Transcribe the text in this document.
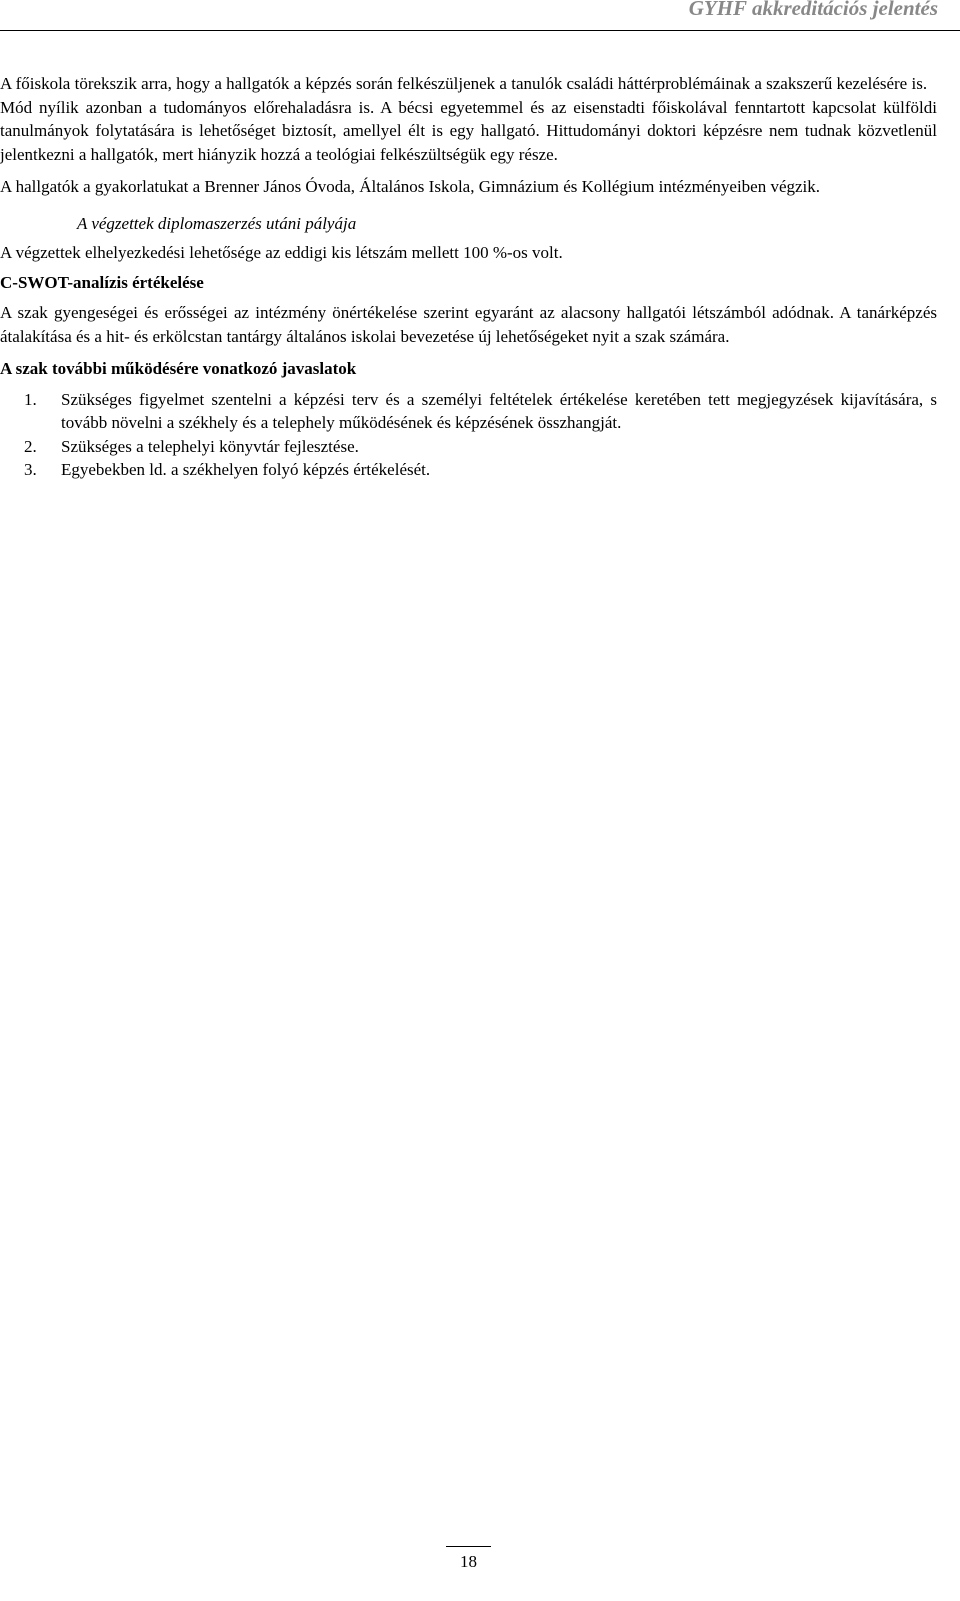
GYHF akkreditációs jelentés

A főiskola törekszik arra, hogy a hallgatók a képzés során felkészüljenek a tanulók családi háttérproblémáinak a szakszerű kezelésére is.

Mód nyílik azonban a tudományos előrehaladásra is. A bécsi egyetemmel és az eisenstadti főiskolával fenntartott kapcsolat külföldi tanulmányok folytatására is lehetőséget biztosít, amellyel élt is egy hallgató. Hittudományi doktori képzésre nem tudnak közvetlenül jelentkezni a hallgatók, mert hiányzik hozzá a teológiai felkészültségük egy része.

A hallgatók a gyakorlatukat a Brenner János Óvoda, Általános Iskola, Gimnázium és Kollégium intézményeiben végzik.

A végzettek diplomaszerzés utáni pályája

A végzettek elhelyezkedési lehetősége az eddigi kis létszám mellett 100 %-os volt.

C-SWOT-analízis értékelése

A szak gyengeségei és erősségei az intézmény önértékelése szerint egyaránt az alacsony hallgatói létszámból adódnak. A tanárképzés átalakítása és a hit- és erkölcstan tantárgy általános iskolai bevezetése új lehetőségeket nyit a szak számára.

A szak további működésére vonatkozó javaslatok
1. Szükséges figyelmet szentelni a képzési terv és a személyi feltételek értékelése keretében tett megjegyzések kijavítására, s tovább növelni a székhely és a telephely működésének és képzésének összhangját.
2. Szükséges a telephelyi könyvtár fejlesztése.
3. Egyebekben ld. a székhelyen folyó képzés értékelését.
18
